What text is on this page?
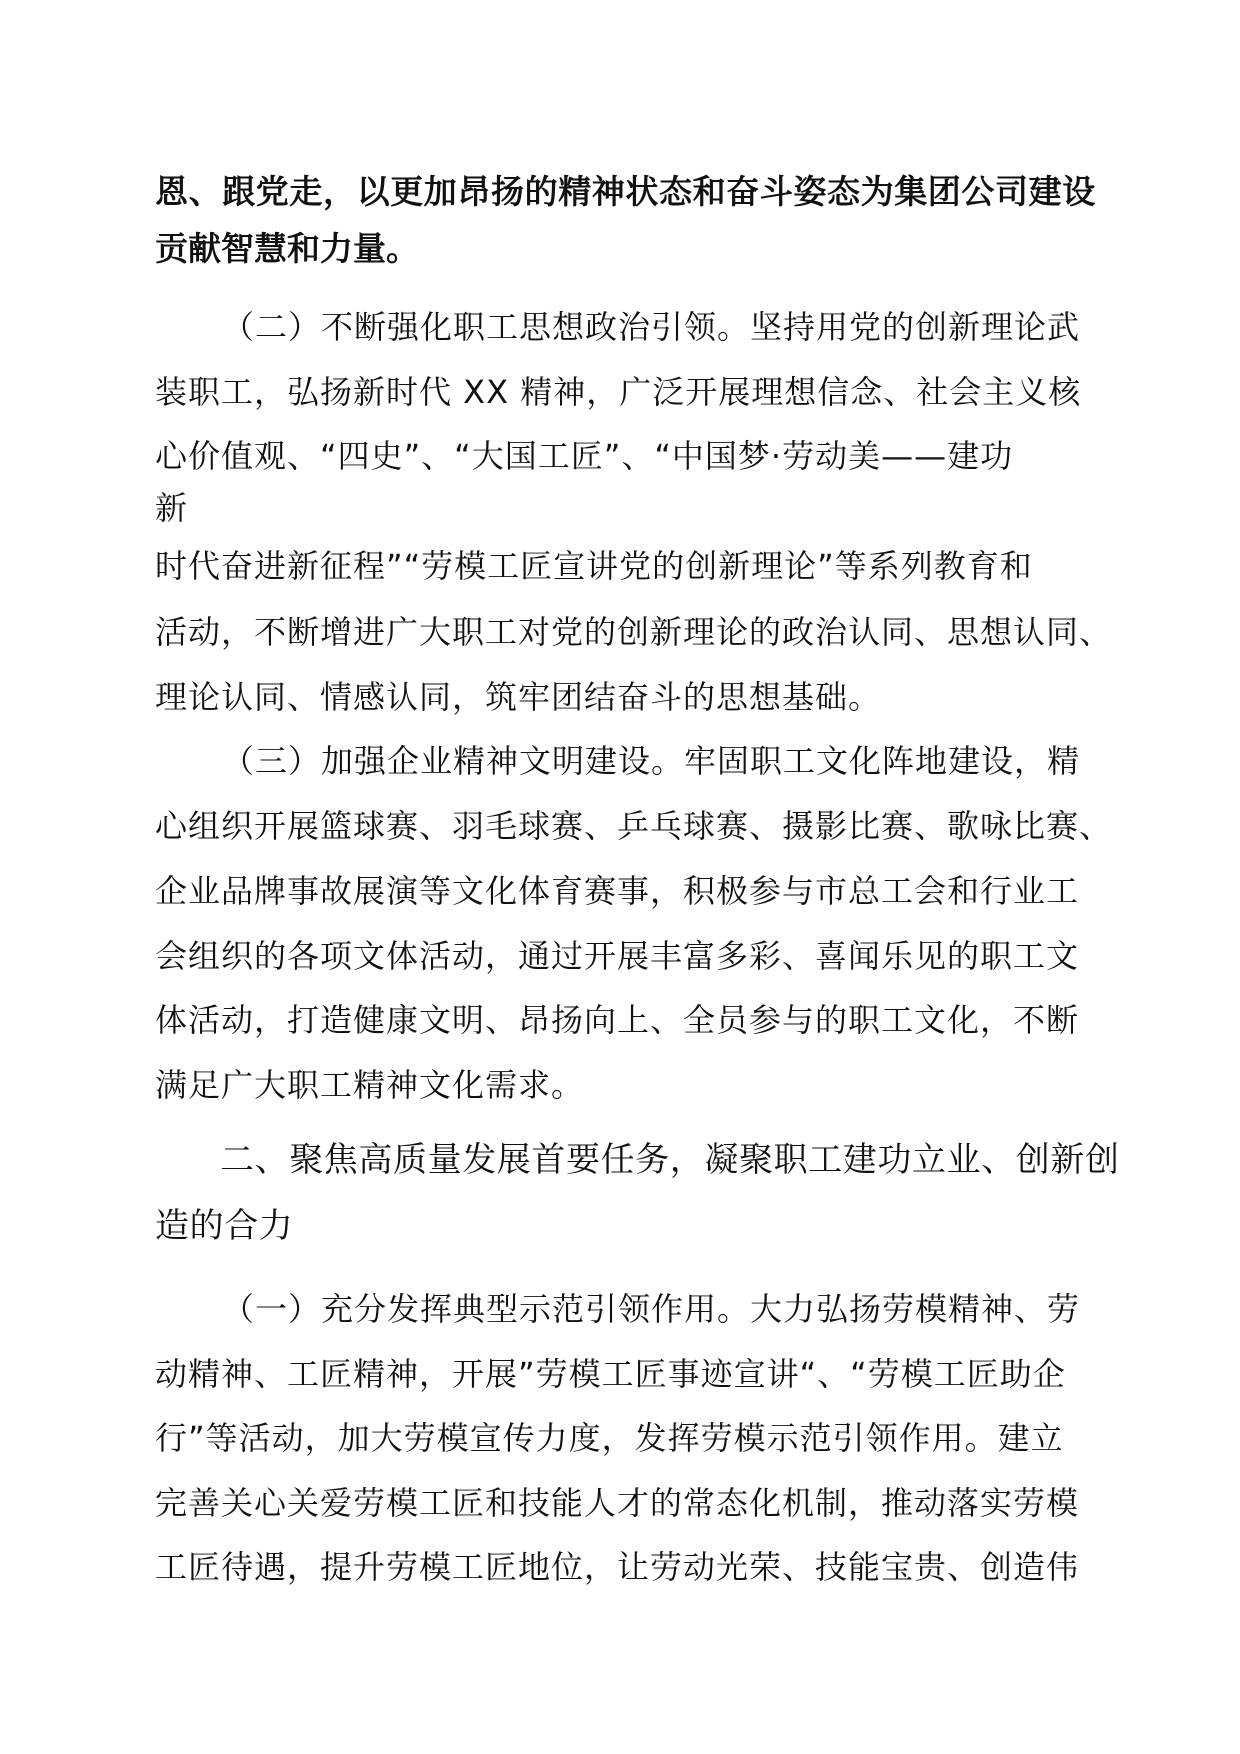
恩、跟党走，以更加昂扬的精神状态和奋斗姿态为集团公司建设
贡献智慧和力量。
（二）不断强化职工思想政治引领。坚持用党的创新理论武
装职工，弘扬新时代 XX 精神，广泛开展理想信念、社会主义核
心价值观、“四史”、“大国工匠”、“中国梦·劳动美——建功
新
时代奋进新征程”“劳模工匠宣讲党的创新理论”等系列教育和
活动，不断增进广大职工对党的创新理论的政治认同、思想认同、
理论认同、情感认同，筑牢团结奋斗的思想基础。
（三）加强企业精神文明建设。牢固职工文化阵地建设，精
心组织开展篮球赛、羽毛球赛、乒乓球赛、摄影比赛、歌咏比赛、
企业品牌事故展演等文化体育赛事，积极参与市总工会和行业工
会组织的各项文体活动，通过开展丰富多彩、喜闻乐见的职工文
体活动，打造健康文明、昂扬向上、全员参与的职工文化，不断
满足广大职工精神文化需求。
二、聚焦高质量发展首要任务，凝聚职工建功立业、创新创
造的合力
（一）充分发挥典型示范引领作用。大力弘扬劳模精神、劳
动精神、工匠精神，开展”劳模工匠事迹宣讲“、“劳模工匠助企
行”等活动，加大劳模宣传力度，发挥劳模示范引领作用。建立
完善关心关爱劳模工匠和技能人才的常态化机制，推动落实劳模
工匠待遇，提升劳模工匠地位，让劳动光荣、技能宝贵、创造伟
